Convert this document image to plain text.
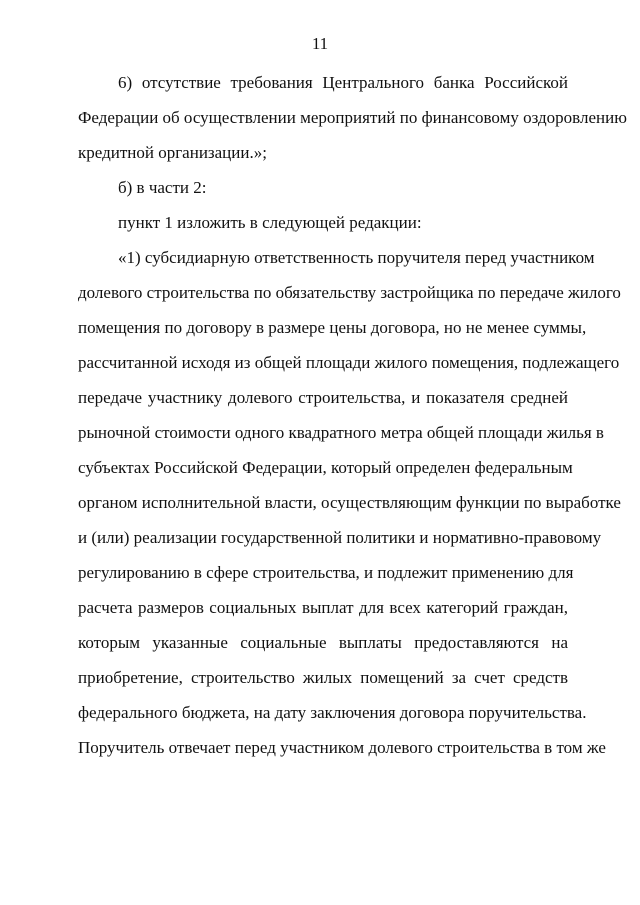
11
6) отсутствие требования Центрального банка Российской
Федерации об осуществлении мероприятий по финансовому оздоровлению
кредитной организации.»;
б) в части 2:
пункт 1 изложить в следующей редакции:
«1) субсидиарную ответственность поручителя перед участником
долевого строительства по обязательству застройщика по передаче жилого
помещения по договору в размере цены договора, но не менее суммы,
рассчитанной исходя из общей площади жилого помещения, подлежащего
передаче участнику долевого строительства, и показателя средней
рыночной стоимости одного квадратного метра общей площади жилья в
субъектах Российской Федерации, который определен федеральным
органом исполнительной власти, осуществляющим функции по выработке
и (или) реализации государственной политики и нормативно-правовому
регулированию в сфере строительства, и подлежит применению для
расчета размеров социальных выплат для всех категорий граждан,
которым указанные социальные выплаты предоставляются на
приобретение, строительство жилых помещений за счет средств
федерального бюджета, на дату заключения договора поручительства.
Поручитель отвечает перед участником долевого строительства в том же
